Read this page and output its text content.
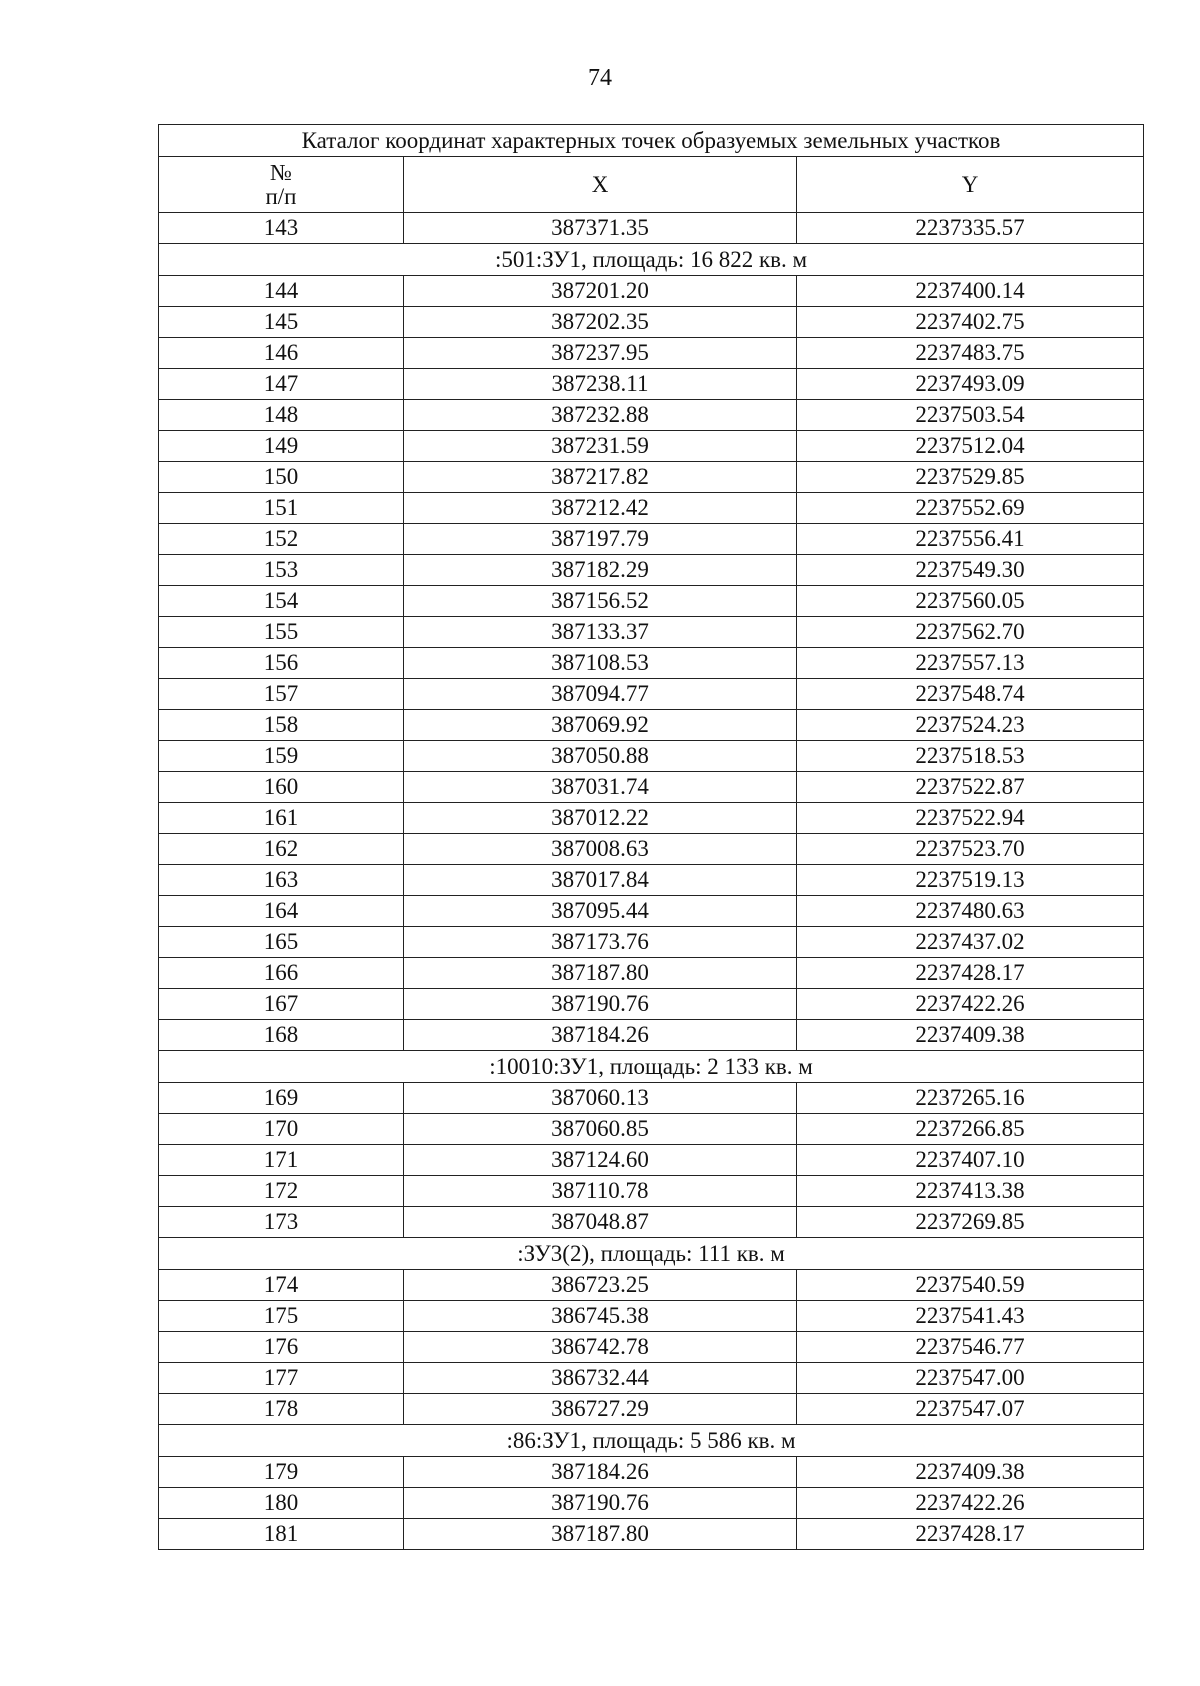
74
Каталог координат характерных точек образуемых земельных участков		

№
п/п	X	Y
143	387371.35	2237335.57
:501:ЗУ1, площадь: 16 822 кв. м		
144	387201.20	2237400.14
145	387202.35	2237402.75
146	387237.95	2237483.75
147	387238.11	2237493.09
148	387232.88	2237503.54
149	387231.59	2237512.04
150	387217.82	2237529.85
151	387212.42	2237552.69
152	387197.79	2237556.41
153	387182.29	2237549.30
154	387156.52	2237560.05
155	387133.37	2237562.70
156	387108.53	2237557.13
157	387094.77	2237548.74
158	387069.92	2237524.23
159	387050.88	2237518.53
160	387031.74	2237522.87
161	387012.22	2237522.94
162	387008.63	2237523.70
163	387017.84	2237519.13
164	387095.44	2237480.63
165	387173.76	2237437.02
166	387187.80	2237428.17
167	387190.76	2237422.26
168	387184.26	2237409.38
:10010:ЗУ1, площадь: 2 133 кв. м		
169	387060.13	2237265.16
170	387060.85	2237266.85
171	387124.60	2237407.10
172	387110.78	2237413.38
173	387048.87	2237269.85
:ЗУ3(2), площадь: 111 кв. м		
174	386723.25	2237540.59
175	386745.38	2237541.43
176	386742.78	2237546.77
177	386732.44	2237547.00
178	386727.29	2237547.07
:86:ЗУ1, площадь: 5 586 кв. м		
179	387184.26	2237409.38
180	387190.76	2237422.26
181	387187.80	2237428.17
